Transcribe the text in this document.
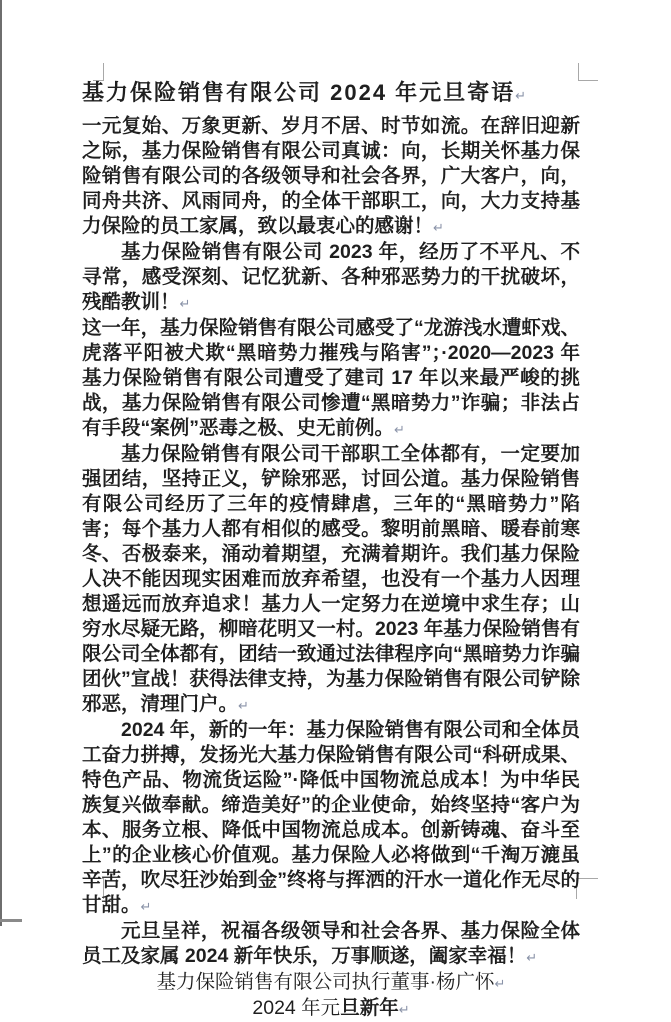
基力保险销售有限公司 2024 年元旦寄语↵

一元复始、万象更新、岁月不居、时节如流。在辞旧迎新之际，基力保险销售有限公司真诚：向，长期关怀基力保险销售有限公司的各级领导和社会各界，广大客户，向，同舟共济、风雨同舟，的全体干部职工，向，大力支持基力保险的员工家属，致以最衷心的感谢！↵

基力保险销售有限公司 2023 年，经历了不平凡、不寻常，感受深刻、记忆犹新、各种邪恶势力的干扰破坏，残酷教训！↵

这一年，基力保险销售有限公司感受了“龙游浅水遭虾戏、虎落平阳被犬欺“黑暗势力摧残与陷害”；·2020—2023 年基力保险销售有限公司遭受了建司 17 年以来最严峻的挑战，基力保险销售有限公司惨遭“黑暗势力”诈骗；非法占有手段“案例”恶毒之极、史无前例。↵

基力保险销售有限公司干部职工全体都有，一定要加强团结，坚持正义，铲除邪恶，讨回公道。基力保险销售有限公司经历了三年的疫情肆虐，三年的“黑暗势力”陷害；每个基力人都有相似的感受。黎明前黑暗、暖春前寒冬、否极泰来，涌动着期望，充满着期许。我们基力保险人决不能因现实困难而放弃希望，也没有一个基力人因理想遥远而放弃追求！基力人一定努力在逆境中求生存；山穷水尽疑无路，柳暗花明又一村。2023 年基力保险销售有限公司全体都有，团结一致通过法律程序向“黑暗势力诈骗团伙”宣战！获得法律支持，为基力保险销售有限公司铲除邪恶，清理门户。↵

2024 年，新的一年：基力保险销售有限公司和全体员工奋力拼搏，发扬光大基力保险销售有限公司“科研成果、特色产品、物流货运险”·降低中国物流总成本！为中华民族复兴做奉献。缔造美好”的企业使命，始终坚持“客户为本、服务立根、降低中国物流总成本。创新铸魂、奋斗至上”的企业核心价值观。基力保险人必将做到“千淘万漉虽辛苦，吹尽狂沙始到金”终将与挥洒的汗水一道化作无尽的甘甜。↵

元旦呈祥，祝福各级领导和社会各界、基力保险全体员工及家属 2024 新年快乐，万事顺遂，阖家幸福！↵

基力保险销售有限公司执行董事·杨广怀↵

2024 年元旦新年↵
